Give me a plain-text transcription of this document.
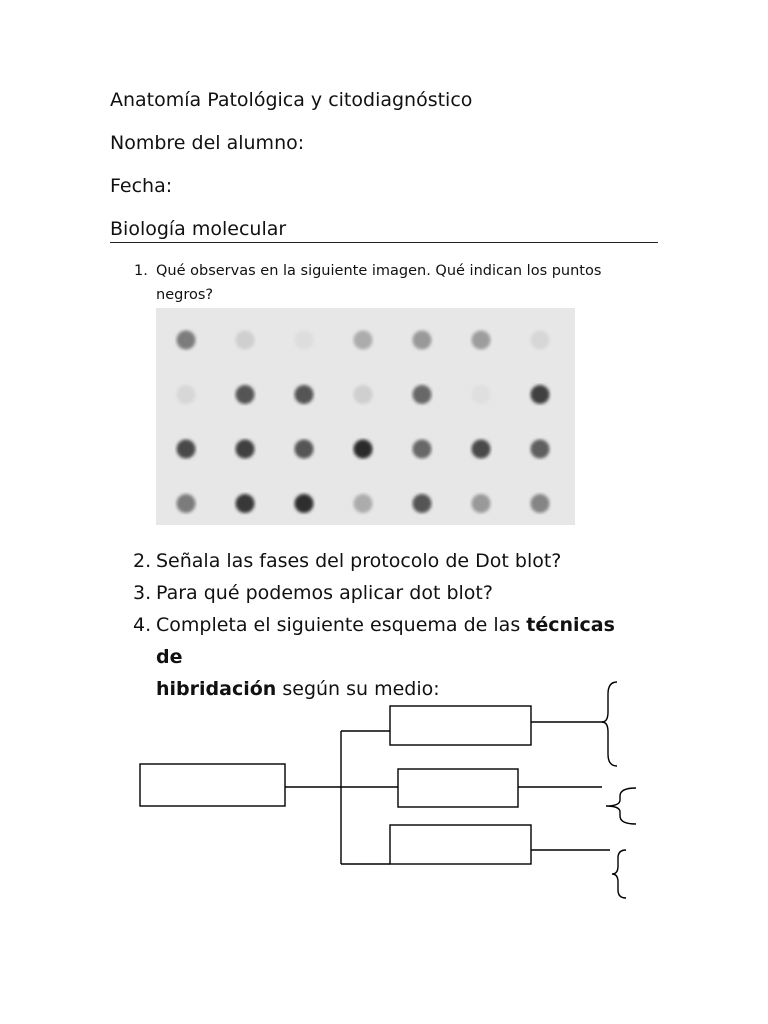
Anatomía Patológica y citodiagnóstico
Nombre del alumno:
Fecha:
Biología molecular
1. Qué observas en la siguiente imagen. Qué indican los puntos negros?
2. Señala las fases del protocolo de Dot blot?
3. Para qué podemos aplicar dot blot?
4. Completa el siguiente esquema de las técnicas de
hibridación según su medio:
